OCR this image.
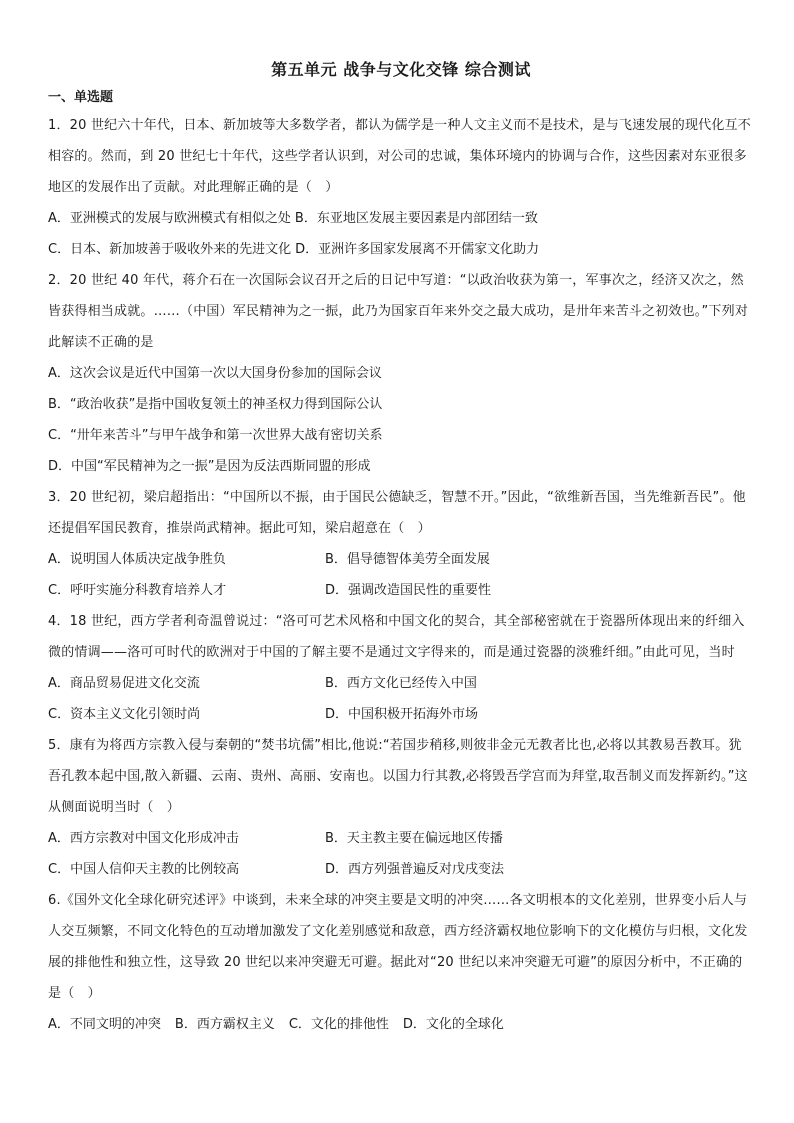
第五单元 战争与文化交锋 综合测试
一、单选题

1．20 世纪六十年代，日本、新加坡等大多数学者，都认为儒学是一种人文主义而不是技术，是与飞速发展的现代化互不相容的。然而，到 20 世纪七十年代，这些学者认识到，对公司的忠诚，集体环境内的协调与合作，这些因素对东亚很多地区的发展作出了贡献。对此理解正确的是（　）

A．亚洲模式的发展与欧洲模式有相似之处 B．东亚地区发展主要因素是内部团结一致
C．日本、新加坡善于吸收外来的先进文化 D．亚洲许多国家发展离不开儒家文化助力

2．20 世纪 40 年代，蒋介石在一次国际会议召开之后的日记中写道：“以政治收获为第一，军事次之，经济又次之，然皆获得相当成就。……（中国）军民精神为之一振，此乃为国家百年来外交之最大成功，是卅年来苦斗之初效也。”下列对此解读不正确的是

A．这次会议是近代中国第一次以大国身份参加的国际会议
B．“政治收获”是指中国收复领土的神圣权力得到国际公认
C．“卅年来苦斗”与甲午战争和第一次世界大战有密切关系
D．中国“军民精神为之一振”是因为反法西斯同盟的形成

3．20 世纪初，梁启超指出：“中国所以不振，由于国民公德缺乏，智慧不开。”因此，“欲维新吾国，当先维新吾民”。他还提倡军国民教育，推崇尚武精神。据此可知，梁启超意在（　）

A．说明国人体质决定战争胜负	B．倡导德智体美劳全面发展
C．呼吁实施分科教育培养人才	D．强调改造国民性的重要性

4．18 世纪，西方学者利奇温曾说过：“洛可可艺术风格和中国文化的契合，其全部秘密就在于瓷器所体现出来的纤细入微的情调——洛可可时代的欧洲对于中国的了解主要不是通过文字得来的，而是通过瓷器的淡雅纤细。”由此可见，当时

A．商品贸易促进文化交流	B．西方文化已经传入中国
C．资本主义文化引领时尚	D．中国积极开拓海外市场

5．康有为将西方宗教入侵与秦朝的“焚书坑儒”相比,他说:“若国步稍移,则彼非金元无教者比也,必将以其教易吾教耳。犹吾孔教本起中国,散入新疆、云南、贵州、高丽、安南也。以国力行其教,必将毁吾学宫而为拜堂,取吾制义而发挥新约。”这从侧面说明当时（　）

A．西方宗教对中国文化形成冲击	B．天主教主要在偏远地区传播
C．中国人信仰天主教的比例较高	D．西方列强普遍反对戊戌变法

6.《国外文化全球化研究述评》中谈到，未来全球的冲突主要是文明的冲突……各文明根本的文化差别，世界变小后人与人交互频繁，不同文化特色的互动增加激发了文化差别感觉和敌意，西方经济霸权地位影响下的文化模仿与归根，文化发展的排他性和独立性，这导致 20 世纪以来冲突避无可避。据此对“20 世纪以来冲突避无可避”的原因分析中，不正确的是（　）

A．不同文明的冲突 B．西方霸权主义 C．文化的排他性 D．文化的全球化
